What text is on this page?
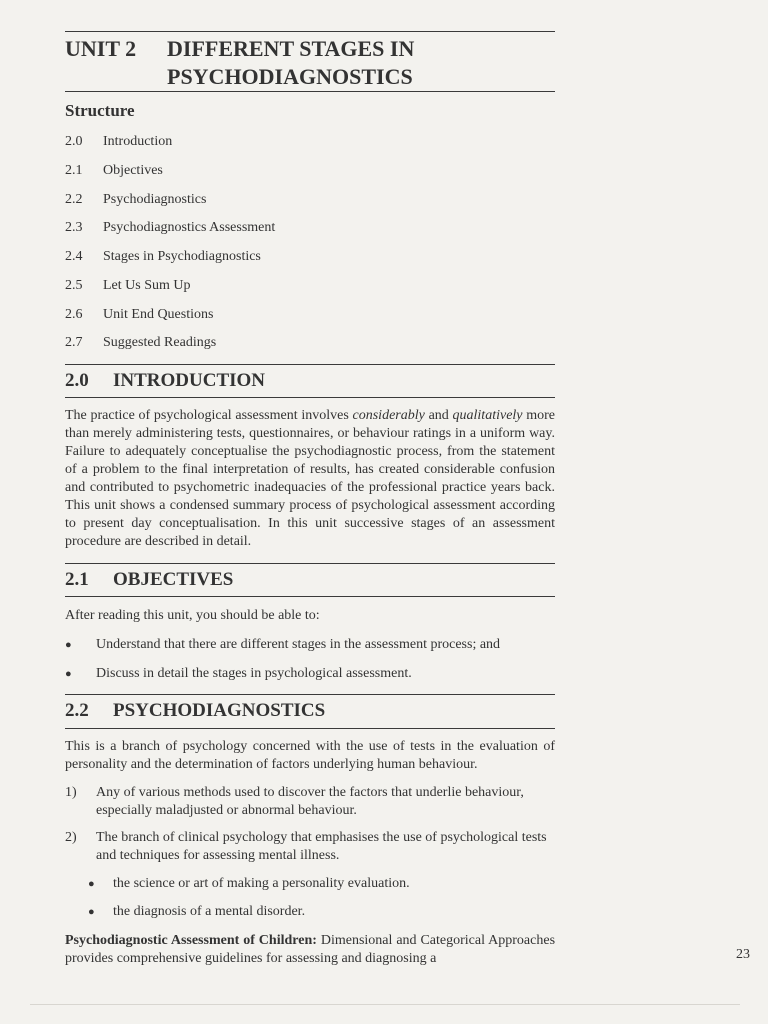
UNIT 2 DIFFERENT STAGES IN
PSYCHODIAGNOSTICS
Structure
2.0 Introduction
2.1 Objectives
2.2 Psychodiagnostics
2.3 Psychodiagnostics Assessment
2.4 Stages in Psychodiagnostics
2.5 Let Us Sum Up
2.6 Unit End Questions
2.7 Suggested Readings
2.0 INTRODUCTION
The practice of psychological assessment involves considerably and qualitatively more than merely administering tests, questionnaires, or behaviour ratings in a uniform way. Failure to adequately conceptualise the psychodiagnostic process, from the statement of a problem to the final interpretation of results, has created considerable confusion and contributed to psychometric inadequacies of the professional practice years back. This unit shows a condensed summary process of psychological assessment according to present day conceptualisation. In this unit successive stages of an assessment procedure are described in detail.
2.1 OBJECTIVES
After reading this unit, you should be able to:
● Understand that there are different stages in the assessment process; and
● Discuss in detail the stages in psychological assessment.
2.2 PSYCHODIAGNOSTICS
This is a branch of psychology concerned with the use of tests in the evaluation of personality and the determination of factors underlying human behaviour.
1) Any of various methods used to discover the factors that underlie behaviour, especially maladjusted or abnormal behaviour.
2) The branch of clinical psychology that emphasises the use of psychological tests and techniques for assessing mental illness.
● the science or art of making a personality evaluation.
● the diagnosis of a mental disorder.
Psychodiagnostic Assessment of Children: Dimensional and Categorical Approaches provides comprehensive guidelines for assessing and diagnosing a	23
